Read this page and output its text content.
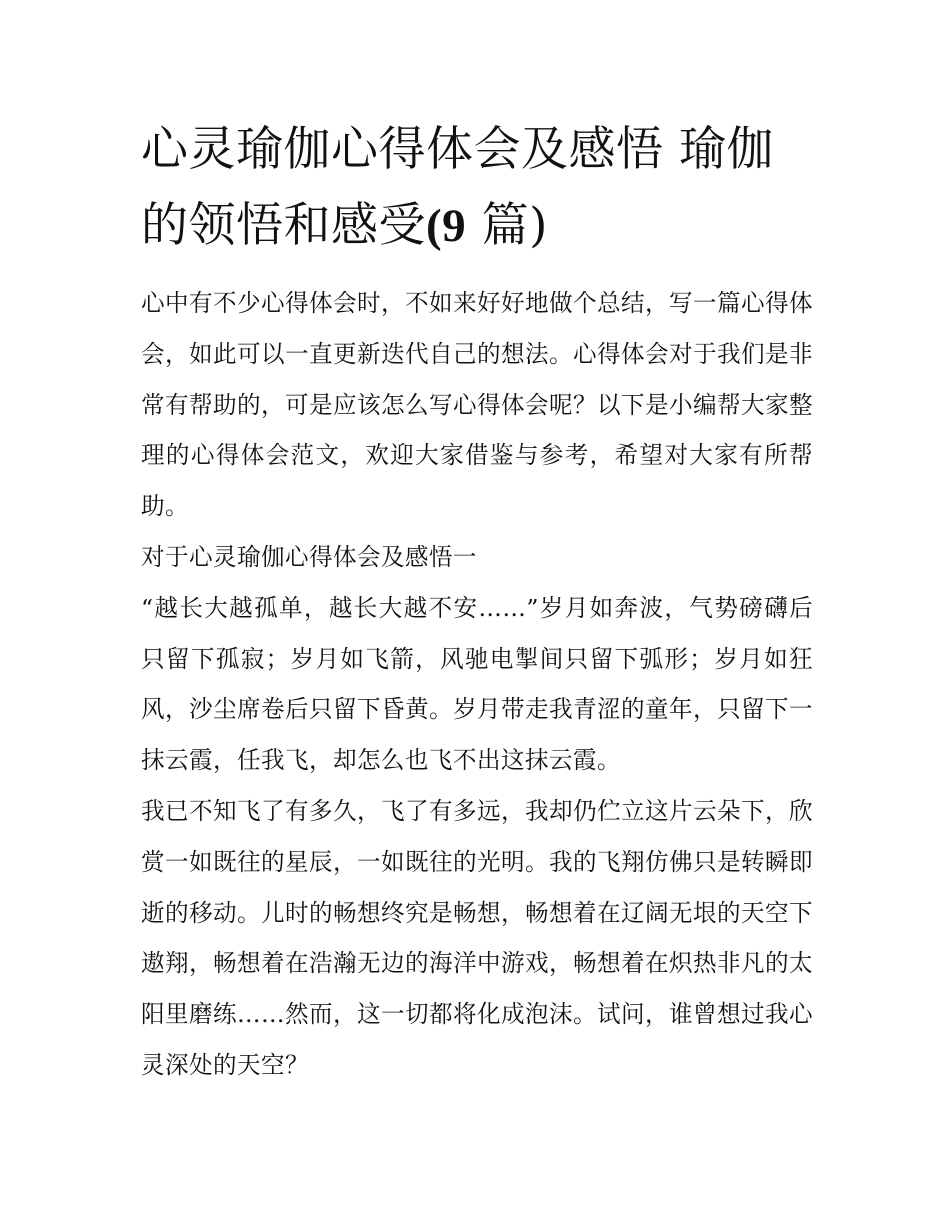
心灵瑜伽心得体会及感悟 瑜伽的领悟和感受(9 篇)

心中有不少心得体会时，不如来好好地做个总结，写一篇心得体会，如此可以一直更新迭代自己的想法。心得体会对于我们是非常有帮助的，可是应该怎么写心得体会呢？以下是小编帮大家整理的心得体会范文，欢迎大家借鉴与参考，希望对大家有所帮助。

对于心灵瑜伽心得体会及感悟一

“越长大越孤单，越长大越不安……”岁月如奔波，气势磅礴后只留下孤寂；岁月如飞箭，风驰电掣间只留下弧形；岁月如狂风，沙尘席卷后只留下昏黄。岁月带走我青涩的童年，只留下一抹云霞，任我飞，却怎么也飞不出这抹云霞。

我已不知飞了有多久，飞了有多远，我却仍伫立这片云朵下，欣赏一如既往的星辰，一如既往的光明。我的飞翔仿佛只是转瞬即逝的移动。儿时的畅想终究是畅想，畅想着在辽阔无垠的天空下遨翔，畅想着在浩瀚无边的海洋中游戏，畅想着在炽热非凡的太阳里磨练……然而，这一切都将化成泡沫。试问，谁曾想过我心灵深处的天空？
